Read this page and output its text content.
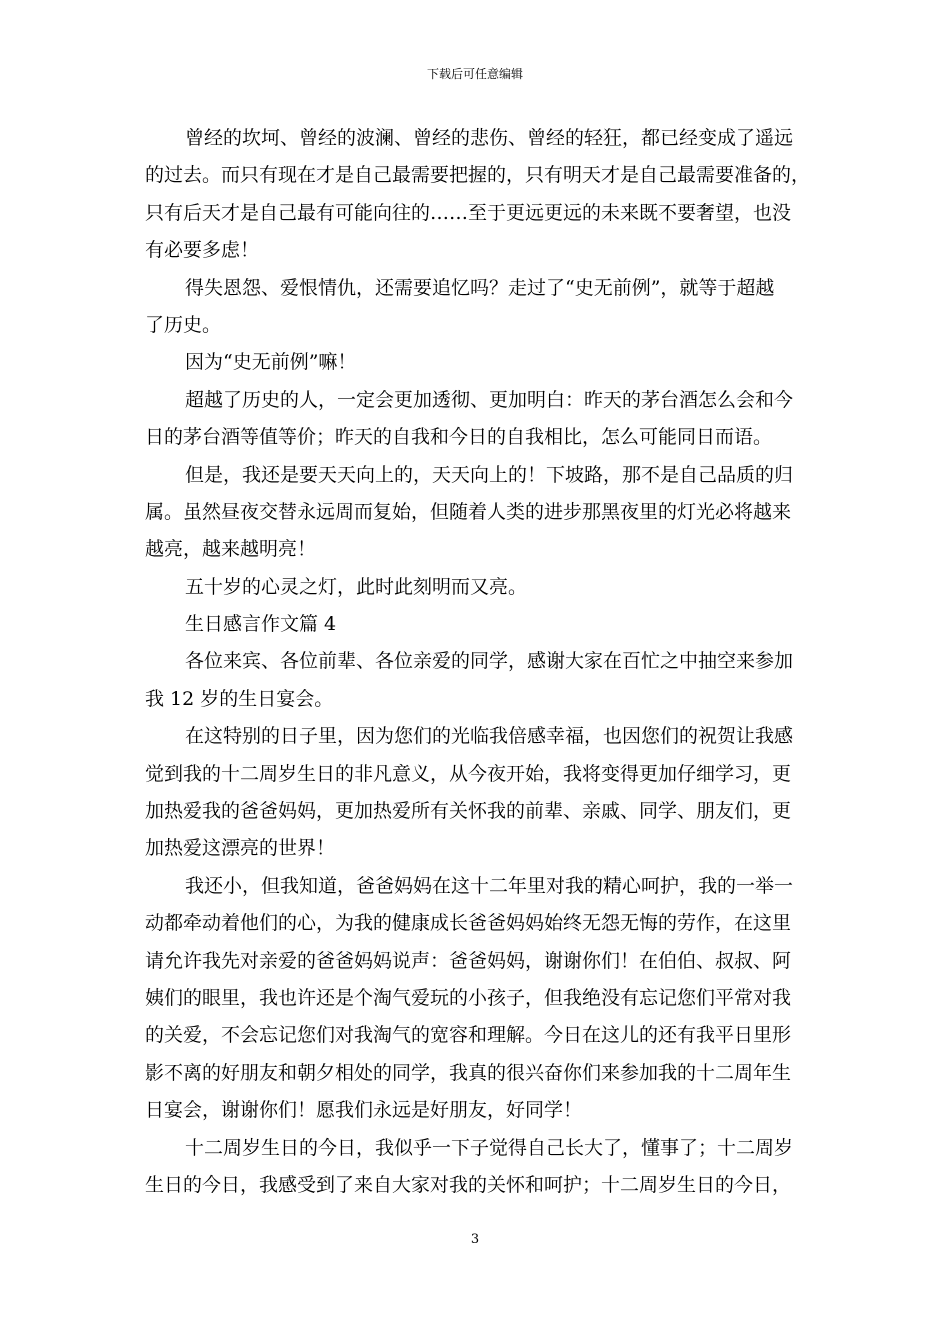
下载后可任意编辑
曾经的坎坷、曾经的波澜、曾经的悲伤、曾经的轻狂，都已经变成了遥远
的过去。而只有现在才是自己最需要把握的，只有明天才是自己最需要准备的，
只有后天才是自己最有可能向往的……至于更远更远的未来既不要奢望，也没
有必要多虑！
得失恩怨、爱恨情仇，还需要追忆吗？走过了“史无前例”，就等于超越
了历史。
因为“史无前例”嘛！
超越了历史的人，一定会更加透彻、更加明白：昨天的茅台酒怎么会和今
日的茅台酒等值等价；昨天的自我和今日的自我相比，怎么可能同日而语。
但是，我还是要天天向上的，天天向上的！下坡路，那不是自己品质的归
属。虽然昼夜交替永远周而复始，但随着人类的进步那黑夜里的灯光必将越来
越亮，越来越明亮！
五十岁的心灵之灯，此时此刻明而又亮。
生日感言作文篇 4
各位来宾、各位前辈、各位亲爱的同学，感谢大家在百忙之中抽空来参加
我 12 岁的生日宴会。
在这特别的日子里，因为您们的光临我倍感幸福，也因您们的祝贺让我感
觉到我的十二周岁生日的非凡意义，从今夜开始，我将变得更加仔细学习，更
加热爱我的爸爸妈妈，更加热爱所有关怀我的前辈、亲戚、同学、朋友们，更
加热爱这漂亮的世界！
我还小，但我知道，爸爸妈妈在这十二年里对我的精心呵护，我的一举一
动都牵动着他们的心，为我的健康成长爸爸妈妈始终无怨无悔的劳作，在这里
请允许我先对亲爱的爸爸妈妈说声：爸爸妈妈，谢谢你们！在伯伯、叔叔、阿
姨们的眼里，我也许还是个淘气爱玩的小孩子，但我绝没有忘记您们平常对我
的关爱，不会忘记您们对我淘气的宽容和理解。今日在这儿的还有我平日里形
影不离的好朋友和朝夕相处的同学，我真的很兴奋你们来参加我的十二周年生
日宴会，谢谢你们！愿我们永远是好朋友，好同学！
十二周岁生日的今日，我似乎一下子觉得自己长大了，懂事了；十二周岁
生日的今日，我感受到了来自大家对我的关怀和呵护；十二周岁生日的今日，
3
